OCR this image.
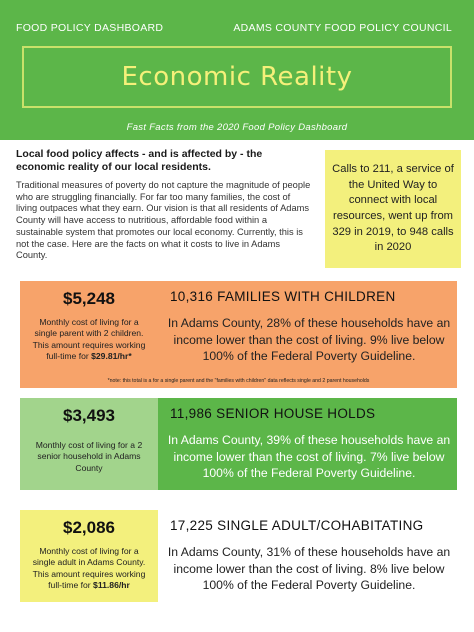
FOOD POLICY DASHBOARD	ADAMS COUNTY FOOD POLICY COUNCIL
Economic Reality
Fast Facts from the 2020 Food Policy Dashboard
Local food policy affects - and is affected by - the economic reality of our local residents.
Traditional measures of poverty do not capture the magnitude of people who are struggling financially. For far too many families, the cost of living outpaces what they earn. Our vision is that all residents of Adams County will have access to nutritious, affordable food within a sustainable system that promotes our local economy. Currently, this is not the case. Here are the facts on what it costs to live in Adams County.
Calls to 211, a service of the United Way to connect with local resources, went up from 329 in 2019, to 948 calls in 2020
$5,248
Monthly cost of living for a single parent with 2 children. This amount requires working full-time for $29.81/hr*
10,316 FAMILIES WITH CHILDREN
In Adams County, 28% of these households have an income lower than the cost of living. 9% live below 100% of the Federal Poverty Guideline.
*note: this total is a for a single parent and the "families with children" data reflects single and 2 parent households
$3,493
Monthly cost of living for a 2 senior household in Adams County
11,986 SENIOR HOUSE HOLDS
In Adams County, 39% of these households have an income lower than the cost of living. 7% live below 100% of the Federal Poverty Guideline.
$2,086
Monthly cost of living for a single adult in Adams County. This amount requires working full-time for $11.86/hr
17,225 SINGLE ADULT/COHABITATING
In Adams County, 31% of these households have an income lower than the cost of living. 8% live below 100% of the Federal Poverty Guideline.
